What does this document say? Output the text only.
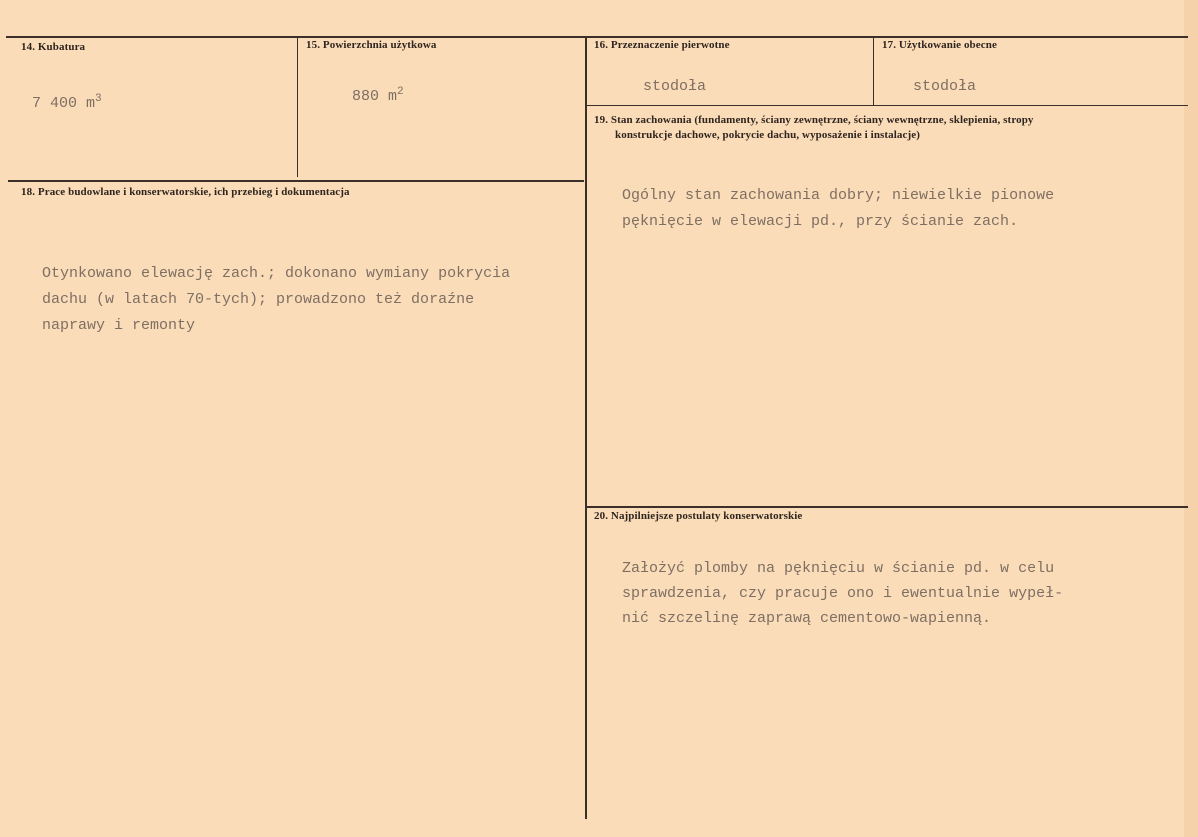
14. Kubatura
7 400 $m^3$
15. Powierzchnia użytkowa
880 $m^2$
16. Przeznaczenie pierwotne
stodoła
17. Użytkowanie obecne
stodoła
18. Prace budowlane i konserwatorskie, ich przebieg i dokumentacja
Otynkowano elewację zach.; dokonano wymiany pokrycia
dachu (w latach 70-tych); prowadzono też doraźne
naprawy i remonty
19. Stan zachowania (fundamenty, ściany zewnętrzne, ściany wewnętrzne, sklepienia, stropy
konstrukcje dachowe, pokrycie dachu, wyposażenie i instalacje)
Ogólny stan zachowania dobry; niewielkie pionowe
pęknięcie w elewacji pd., przy ścianie zach.
20. Najpilniejsze postulaty konserwatorskie
Założyć plomby na pęknięciu w ścianie pd. w celu
sprawdzenia, czy pracuje ono i ewentualnie wypeł-
nić szczelinę zaprawą cementowo-wapienną.
